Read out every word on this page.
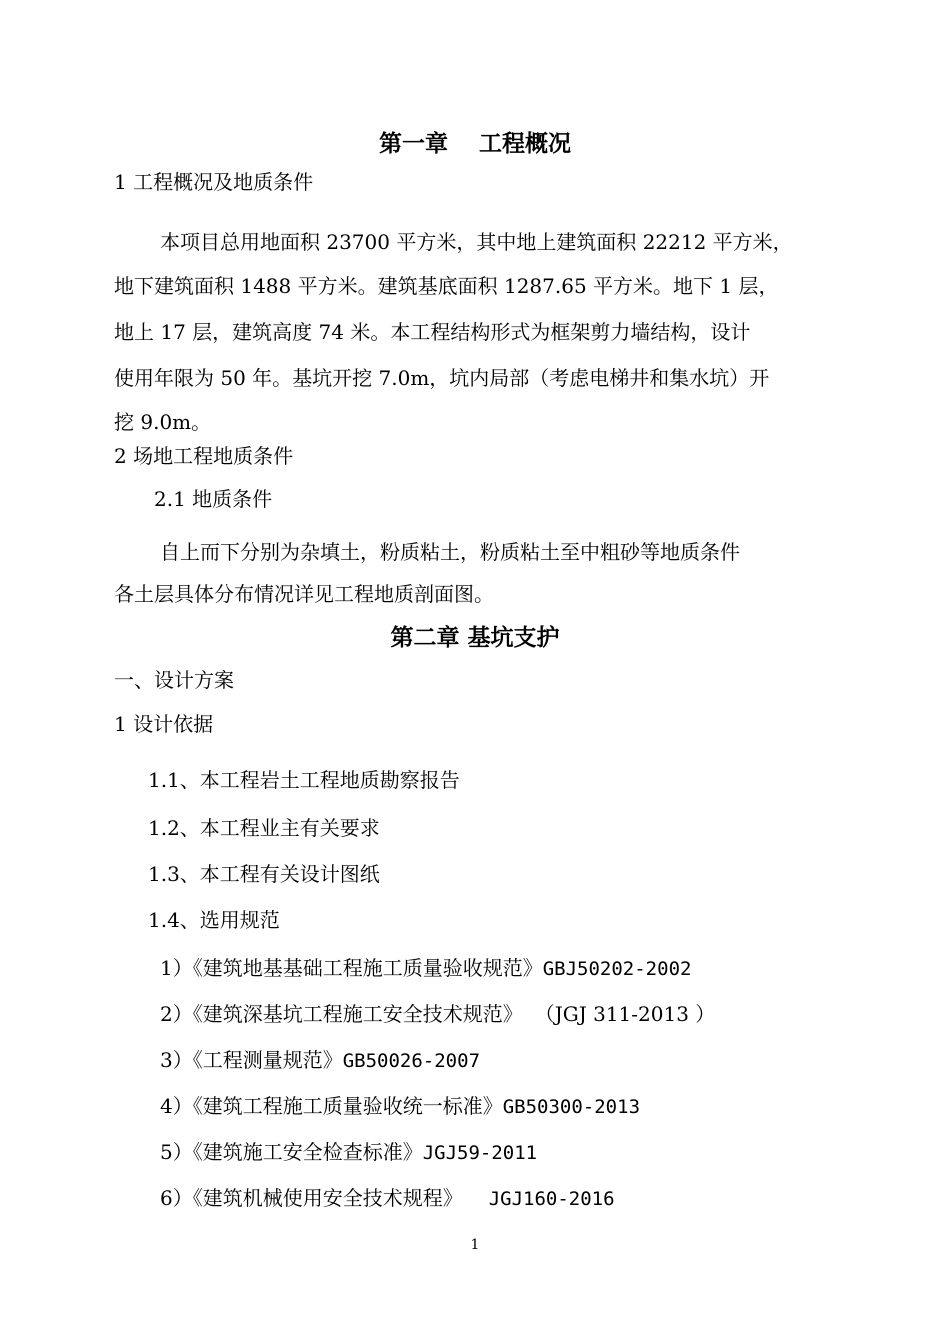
第一章　 工程概况
1 工程概况及地质条件
本项目总用地面积 23700 平方米，其中地上建筑面积 22212 平方米，
地下建筑面积 1488 平方米。建筑基底面积 1287.65 平方米。地下 1 层，
地上 17 层，建筑高度 74 米。本工程结构形式为框架剪力墙结构，设计
使用年限为 50 年。基坑开挖 7.0m，坑内局部（考虑电梯井和集水坑）开
挖 9.0m。
2 场地工程地质条件
2.1 地质条件
自上而下分别为杂填土，粉质粘土，粉质粘土至中粗砂等地质条件
各土层具体分布情况详见工程地质剖面图。
第二章 基坑支护
一、设计方案
1 设计依据
1.1、本工程岩土工程地质勘察报告
1.2、本工程业主有关要求
1.3、本工程有关设计图纸
1.4、选用规范
1）《建筑地基基础工程施工质量验收规范》GBJ50202-2002
2）《建筑深基坑工程施工安全技术规范》 （JGJ 311-2013 ）
3）《工程测量规范》GB50026-2007
4）《建筑工程施工质量验收统一标准》GB50300-2013
5）《建筑施工安全检查标准》JGJ59-2011
6）《建筑机械使用安全技术规程》 JGJ160-2016
1
